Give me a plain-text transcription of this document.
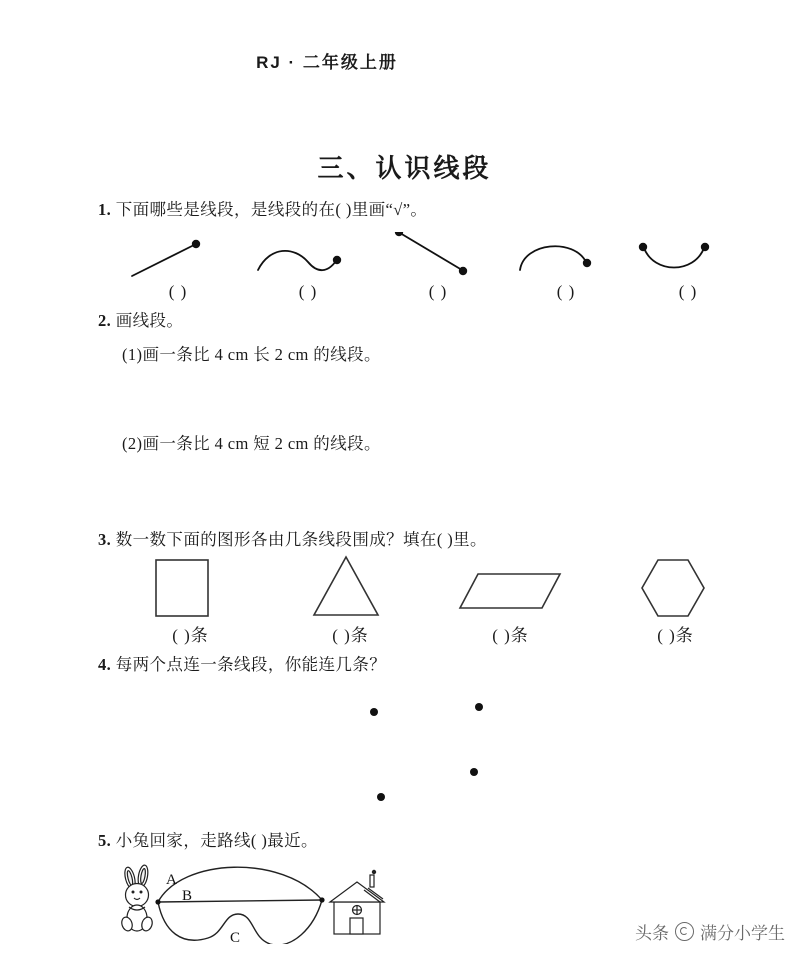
RJ · 二年级上册
三、认识线段
1. 下面哪些是线段，是线段的在( )里画“√”。
( )	( )	( )	( )	( )
2. 画线段。
(1)画一条比 4 cm 长 2 cm 的线段。
(2)画一条比 4 cm 短 2 cm 的线段。
3. 数一数下面的图形各由几条线段围成？填在( )里。
( )条	( )条	( )条	( )条
4. 每两个点连一条线段，你能连几条？
5. 小兔回家，走路线( )最近。
A
B
C	头条 满分小学生
